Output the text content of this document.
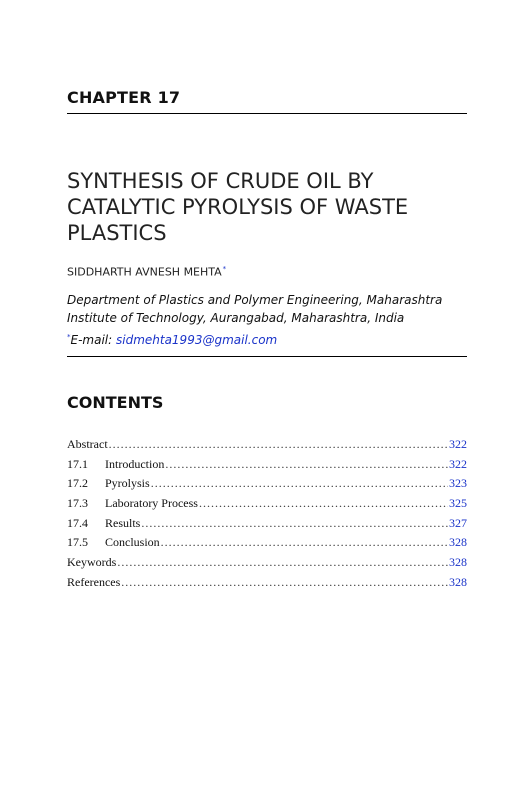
CHAPTER 17
SYNTHESIS OF CRUDE OIL BY
CATALYTIC PYROLYSIS OF WASTE
PLASTICS
SIDDHARTH AVNESH MEHTA*
Department of Plastics and Polymer Engineering, Maharashtra
Institute of Technology, Aurangabad, Maharashtra, India
*E-mail: sidmehta1993@gmail.com
CONTENTS
Abstract .....	322
17.1	Introduction .....	322
17.2	Pyrolysis .....	323
17.3	Laboratory Process .....	325
17.4	Results .....	327
17.5	Conclusion .....	328
Keywords .....	328
References .....	328
